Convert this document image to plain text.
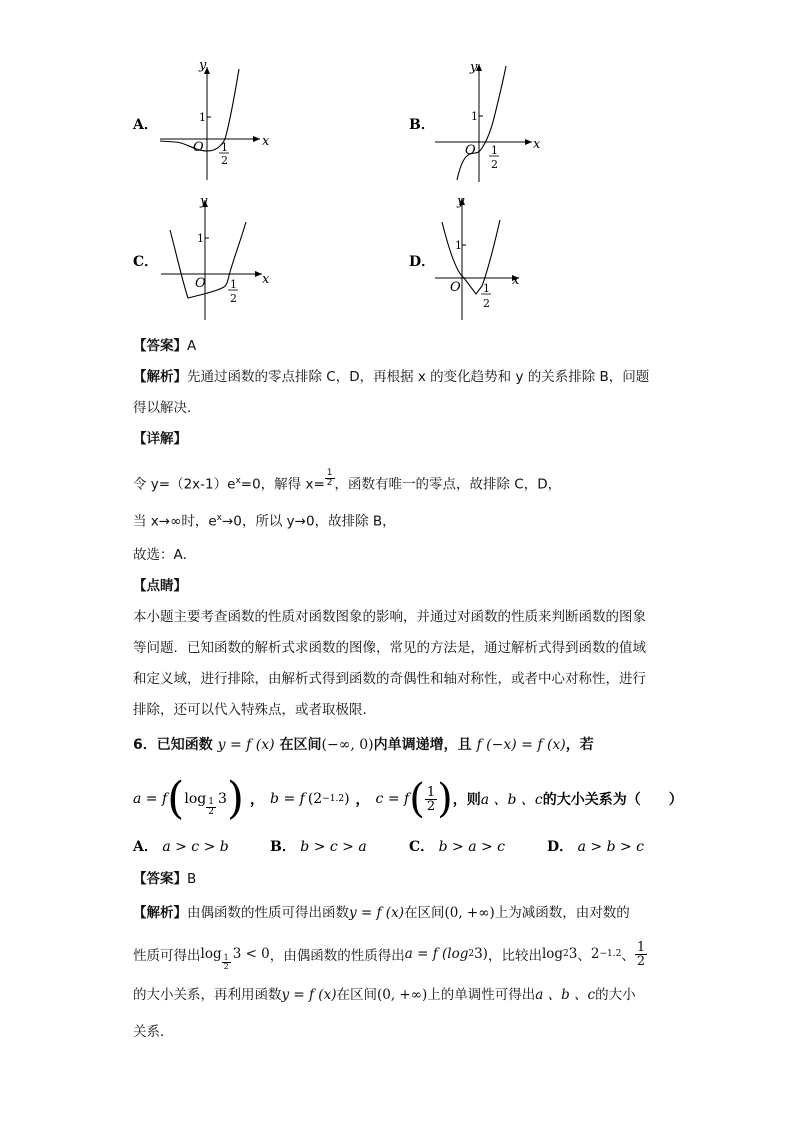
A．
y
x
1
O 1
2
B．
y
x
1
O 1
2
C．
y
x
1
O 1
2
D．
y
x
1
O 1
2
【答案】A
【解析】先通过函数的零点排除 C，D，再根据 x 的变化趋势和 y 的关系排除 B，问题
得以解决．
【详解】
令 $y=(2x-1)e^x=0$，解得 $x= \frac{1}{2}$ ，函数有唯一的零点，故排除 C，D，
当 x→∞时，$e^x\to 0$，所以 y→0，故排除 B，
故选：A．
【点睛】
本小题主要考查函数的性质对函数图象的影响，并通过对函数的性质来判断函数的图象
等问题．已知函数的解析式求函数的图像，常见的方法是，通过解析式得到函数的值域
和定义域，进行排除，由解析式得到函数的奇偶性和轴对称性，或者中心对称性，进行
排除，还可以代入特殊点，或者取极限．
6．已知函数 y = f (x) 在区间(−∞, 0)内单调递增，且 f (−x) = f (x)，若
a = f ( $\log \frac{1}{2} 3$ ) ， b = f ( 2 −1.2 ) ， c = f ( $\frac{1}{2}$ ) ，则 a 、b 、c 的大小关系为（　　）
A． a > c > b	B． b > c > a	C． b > a > c	D． a > b > c
【答案】B
【解析】由偶函数的性质可得出函数y = f (x)在区间(0, +∞)上为减函数，由对数的
性质可得出 $\log \frac{1}{2} 3 < 0$ ，由偶函数的性质得出 a = f (log 2 3) ，比较出 log 2 3 、 2 −1.2 、 $\frac{1}{2}$
的大小关系，再利用函数y = f (x)在区间(0, +∞)上的单调性可得出a 、b 、c的大小
关系．
